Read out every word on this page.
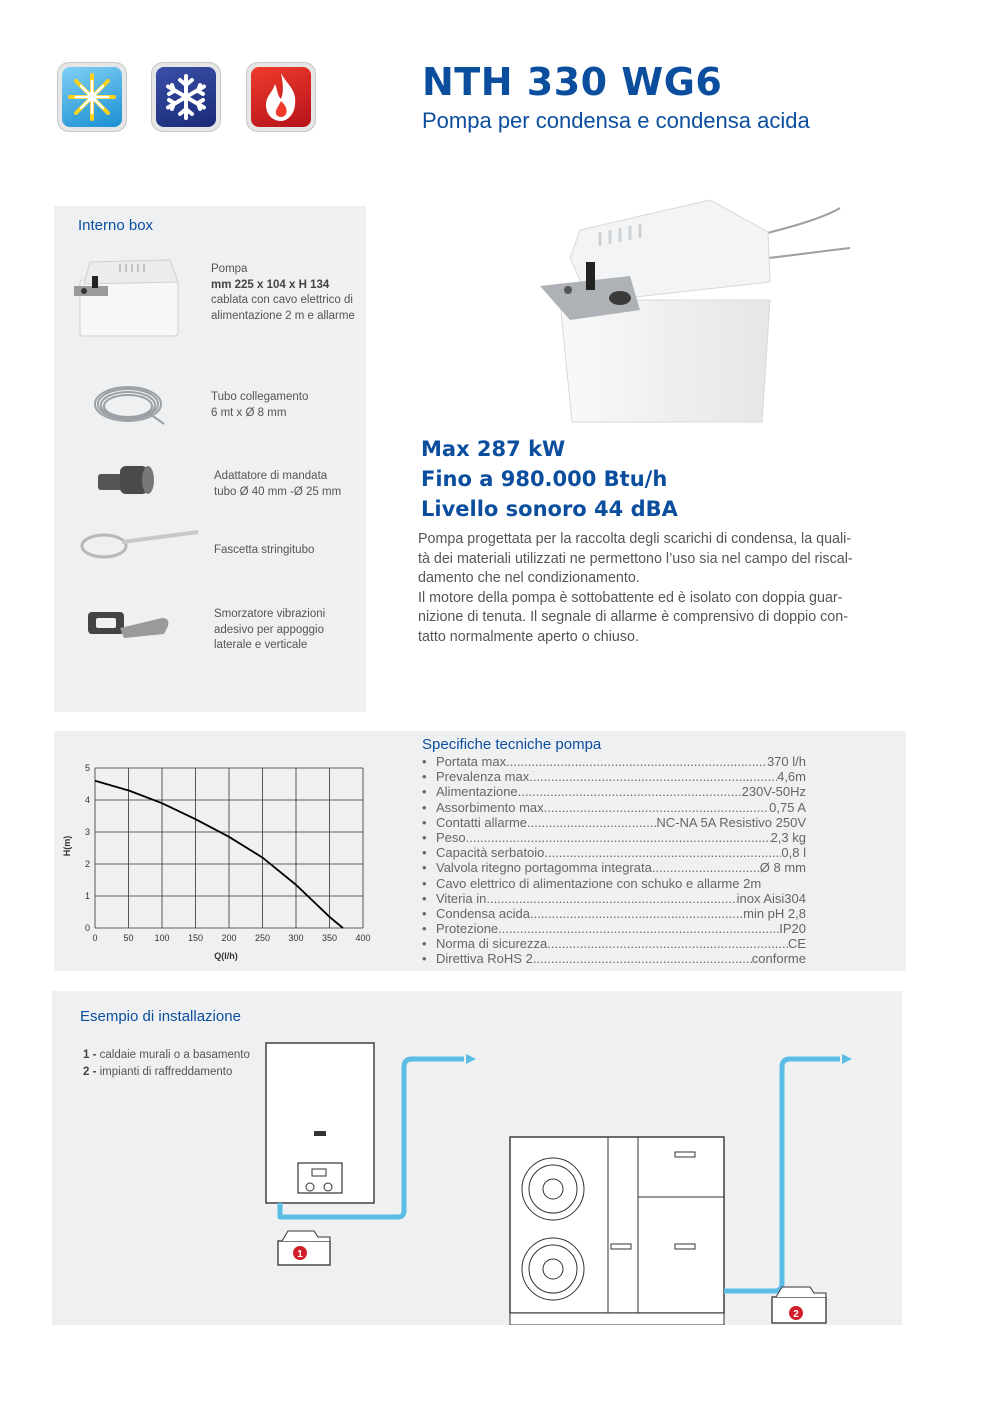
NTH 330 WG6
Pompa per condensa e condensa acida
Interno box
Pompa
mm 225 x 104 x H 134
cablata con cavo elettrico di
alimentazione 2 m e allarme
Tubo collegamento
6 mt x Ø 8 mm
Adattatore di mandata
tubo Ø 40 mm -Ø 25 mm
Fascetta stringitubo
Smorzatore vibrazioni
adesivo per appoggio
laterale e verticale
Max 287 kW
Fino a 980.000 Btu/h
Livello sonoro 44 dBA
Pompa progettata per la raccolta degli scarichi di condensa, la quali-
tà dei materiali utilizzati ne permettono l’uso sia nel campo del riscal-
damento che nel condizionamento.
Il motore della pompa è sottobattente ed è isolato con doppia guar-
nizione di tenuta. Il segnale di allarme è comprensivo di doppio con-
tatto normalmente aperto o chiuso.
0	50 100 150 200 250 300 350 400
0
1
2
3
4
5
H(m)
Q(l/h)
Specifiche tecniche pompa
• Portata max .....	370 l/h
• Prevalenza max .....	4,6m
• Alimentazione .....	230V-50Hz
• Assorbimento max .....	0,75 A
• Contatti allarme .....	NC-NA 5A Resistivo 250V
• Peso .....	2,3 kg
• Capacità serbatoio .....	0,8 l
• Valvola ritegno portagomma integrata .....	Ø 8 mm
• Cavo elettrico di alimentazione con schuko e allarme 2m
• Viteria in .....	inox Aisi304
• Condensa acida .....	min pH 2,8
• Protezione .....	IP20
• Norma di sicurezza .....	CE
• Direttiva RoHS 2 .....	conforme
Esempio di installazione
1 - caldaie murali o a basamento
2 - impianti di raffreddamento
1
2
